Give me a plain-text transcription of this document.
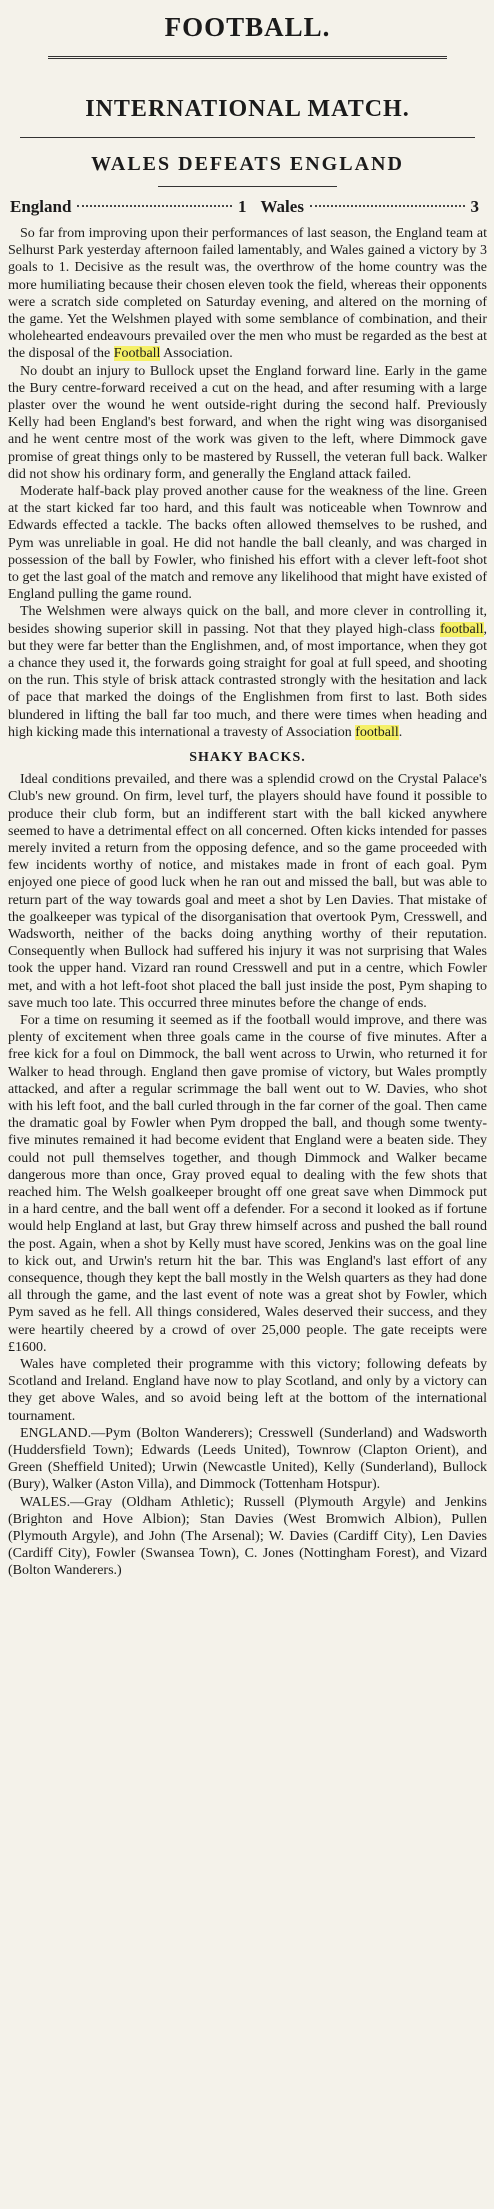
FOOTBALL.
INTERNATIONAL MATCH.
WALES DEFEATS ENGLAND
England	1 Wales	3

So far from improving upon their performances of last season, the England team at Selhurst Park yesterday afternoon failed lamentably, and Wales gained a victory by 3 goals to 1. Decisive as the result was, the overthrow of the home country was the more humiliating because their chosen eleven took the field, whereas their opponents were a scratch side completed on Saturday evening, and altered on the morning of the game. Yet the Welshmen played with some semblance of combination, and their wholehearted endeavours prevailed over the men who must be regarded as the best at the disposal of the Football Association.

No doubt an injury to Bullock upset the England forward line. Early in the game the Bury centre-forward received a cut on the head, and after resuming with a large plaster over the wound he went outside-right during the second half. Previously Kelly had been England's best forward, and when the right wing was disorganised and he went centre most of the work was given to the left, where Dimmock gave promise of great things only to be mastered by Russell, the veteran full back. Walker did not show his ordinary form, and generally the England attack failed.

Moderate half-back play proved another cause for the weakness of the line. Green at the start kicked far too hard, and this fault was noticeable when Townrow and Edwards effected a tackle. The backs often allowed themselves to be rushed, and Pym was unreliable in goal. He did not handle the ball cleanly, and was charged in possession of the ball by Fowler, who finished his effort with a clever left-foot shot to get the last goal of the match and remove any likelihood that might have existed of England pulling the game round.

The Welshmen were always quick on the ball, and more clever in controlling it, besides showing superior skill in passing. Not that they played high-class football, but they were far better than the Englishmen, and, of most importance, when they got a chance they used it, the forwards going straight for goal at full speed, and shooting on the run. This style of brisk attack contrasted strongly with the hesitation and lack of pace that marked the doings of the Englishmen from first to last. Both sides blundered in lifting the ball far too much, and there were times when heading and high kicking made this international a travesty of Association football.

SHAKY BACKS.

Ideal conditions prevailed, and there was a splendid crowd on the Crystal Palace's Club's new ground. On firm, level turf, the players should have found it possible to produce their club form, but an indifferent start with the ball kicked anywhere seemed to have a detrimental effect on all concerned. Often kicks intended for passes merely invited a return from the opposing defence, and so the game proceeded with few incidents worthy of notice, and mistakes made in front of each goal. Pym enjoyed one piece of good luck when he ran out and missed the ball, but was able to return part of the way towards goal and meet a shot by Len Davies. That mistake of the goalkeeper was typical of the disorganisation that overtook Pym, Cresswell, and Wadsworth, neither of the backs doing anything worthy of their reputation. Consequently when Bullock had suffered his injury it was not surprising that Wales took the upper hand. Vizard ran round Cresswell and put in a centre, which Fowler met, and with a hot left-foot shot placed the ball just inside the post, Pym shaping to save much too late. This occurred three minutes before the change of ends.

For a time on resuming it seemed as if the football would improve, and there was plenty of excitement when three goals came in the course of five minutes. After a free kick for a foul on Dimmock, the ball went across to Urwin, who returned it for Walker to head through. England then gave promise of victory, but Wales promptly attacked, and after a regular scrimmage the ball went out to W. Davies, who shot with his left foot, and the ball curled through in the far corner of the goal. Then came the dramatic goal by Fowler when Pym dropped the ball, and though some twenty-five minutes remained it had become evident that England were a beaten side. They could not pull themselves together, and though Dimmock and Walker became dangerous more than once, Gray proved equal to dealing with the few shots that reached him. The Welsh goalkeeper brought off one great save when Dimmock put in a hard centre, and the ball went off a defender. For a second it looked as if fortune would help England at last, but Gray threw himself across and pushed the ball round the post. Again, when a shot by Kelly must have scored, Jenkins was on the goal line to kick out, and Urwin's return hit the bar. This was England's last effort of any consequence, though they kept the ball mostly in the Welsh quarters as they had done all through the game, and the last event of note was a great shot by Fowler, which Pym saved as he fell. All things considered, Wales deserved their success, and they were heartily cheered by a crowd of over 25,000 people. The gate receipts were £1600.

Wales have completed their programme with this victory; following defeats by Scotland and Ireland. England have now to play Scotland, and only by a victory can they get above Wales, and so avoid being left at the bottom of the international tournament.

ENGLAND.—Pym (Bolton Wanderers); Cresswell (Sunderland) and Wadsworth (Huddersfield Town); Edwards (Leeds United), Townrow (Clapton Orient), and Green (Sheffield United); Urwin (Newcastle United), Kelly (Sunderland), Bullock (Bury), Walker (Aston Villa), and Dimmock (Tottenham Hotspur).

WALES.—Gray (Oldham Athletic); Russell (Plymouth Argyle) and Jenkins (Brighton and Hove Albion); Stan Davies (West Bromwich Albion), Pullen (Plymouth Argyle), and John (The Arsenal); W. Davies (Cardiff City), Len Davies (Cardiff City), Fowler (Swansea Town), C. Jones (Nottingham Forest), and Vizard (Bolton Wanderers.)
